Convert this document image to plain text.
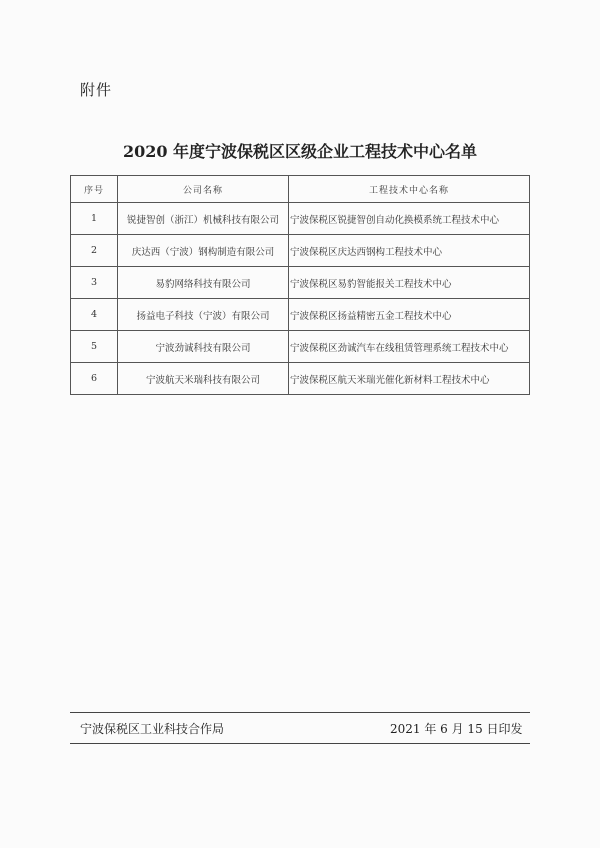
附件
2020 年度宁波保税区区级企业工程技术中心名单
序号	公司名称	工程技术中心名称
1	锐捷智创（浙江）机械科技有限公司	宁波保税区锐捷智创自动化换模系统工程技术中心
2	庆达西（宁波）钢构制造有限公司	宁波保税区庆达西钢构工程技术中心
3	易豹网络科技有限公司	宁波保税区易豹智能报关工程技术中心
4	扬益电子科技（宁波）有限公司	宁波保税区扬益精密五金工程技术中心
5	宁波劲诚科技有限公司	宁波保税区劲诚汽车在线租赁管理系统工程技术中心
6	宁波航天米瑞科技有限公司	宁波保税区航天米瑞光催化新材料工程技术中心
宁波保税区工业科技合作局	2021 年 6 月 15 日印发
